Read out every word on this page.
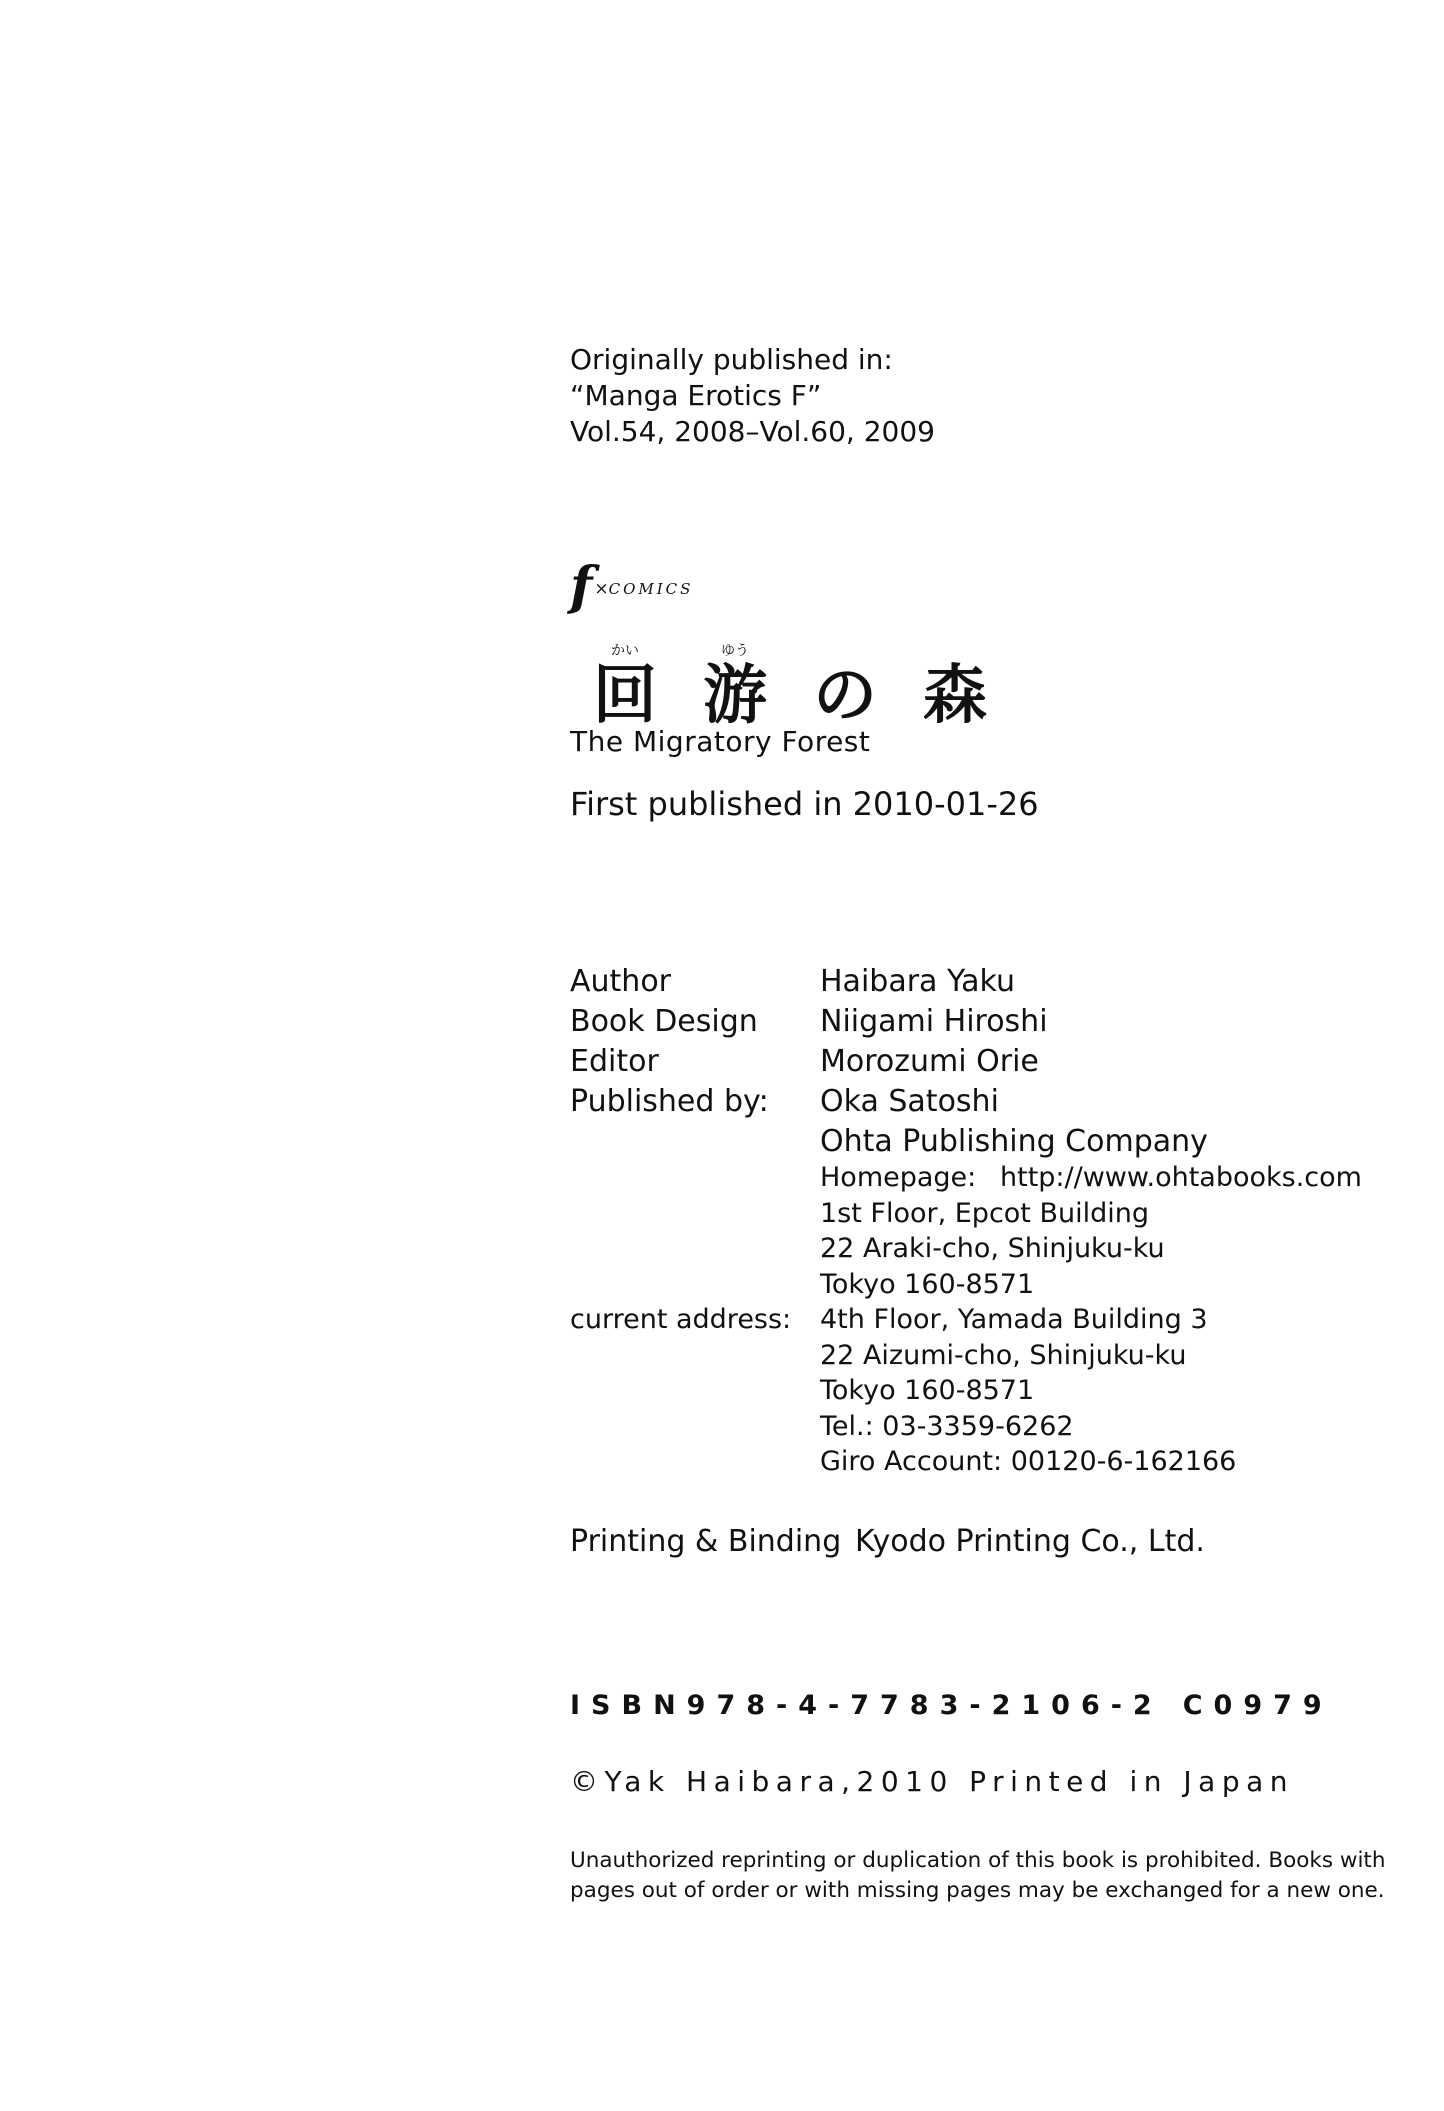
Originally published in:
“Manga Erotics F”
Vol.54, 2008–Vol.60, 2009
f ×COMICS
かい	ゆう
回 游 の 森
The Migratory Forest
First published in 2010-01-26
Author	Haibara Yaku
Book Design	Niigami Hiroshi
Editor	Morozumi Orie
Published by:	Oka Satoshi
Ohta Publishing Company
Homepage: http://www.ohtabooks.com
1st Floor, Epcot Building
22 Araki-cho, Shinjuku-ku
Tokyo 160-8571
current address:	4th Floor, Yamada Building 3
22 Aizumi-cho, Shinjuku-ku
Tokyo 160-8571
Tel.: 03-3359-6262
Giro Account: 00120-6-162166
Printing & Binding Kyodo Printing Co., Ltd.
ISBN978-4-7783-2106-2 C0979
©Yak Haibara,2010 Printed in Japan
Unauthorized reprinting or duplication of this book is prohibited. Books with pages out of order or with missing pages may be exchanged for a new one.
